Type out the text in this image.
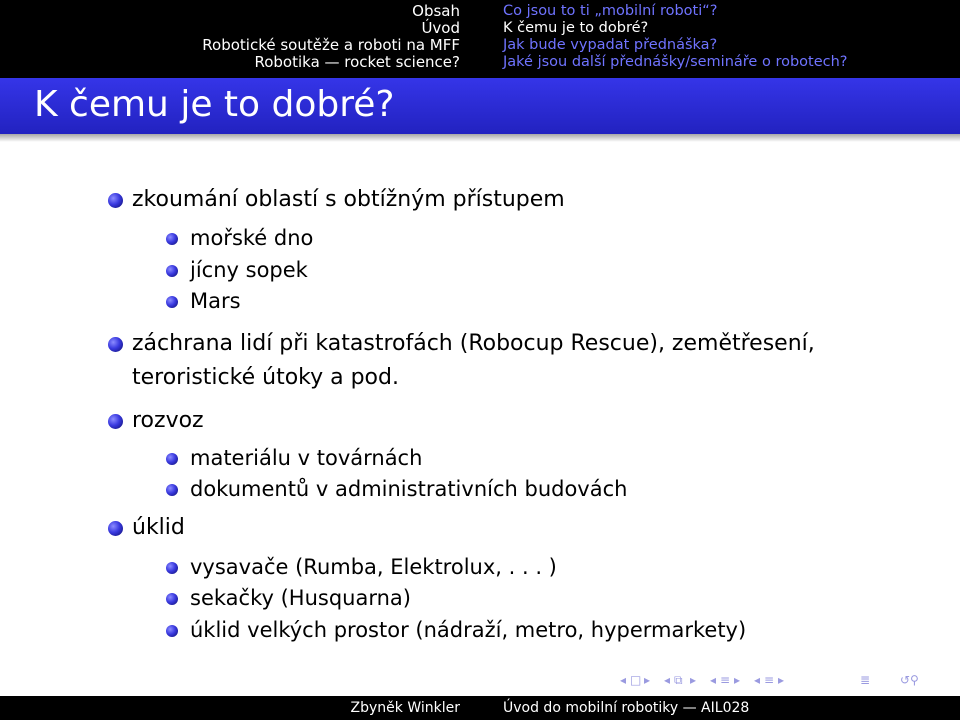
Obsah
Úvod
Robotické soutěže a roboti na MFF
Robotika — rocket science?
Co jsou to ti „mobilní roboti“?
K čemu je to dobré?
Jak bude vypadat přednáška?
Jaké jsou další přednášky/semináře o robotech?
K čemu je to dobré?
zkoumání oblastí s obtížným přístupem
mořské dno
jícny sopek
Mars
záchrana lidí při katastrofách (Robocup Rescue), zemětřesení,
teroristické útoky a pod.
rozvoz
materiálu v továrnách
dokumentů v administrativních budovách
úklid
vysavače (Rumba, Elektrolux, . . . )
sekačky (Husquarna)
úklid velkých prostor (nádraží, metro, hypermarkety)
◂ □ ▸ ◂ ⧉ ▸ ◂ ≡ ▸ ◂ ≡ ▸	≣ ↺⚲
Zbyněk Winkler	Úvod do mobilní robotiky — AIL028
